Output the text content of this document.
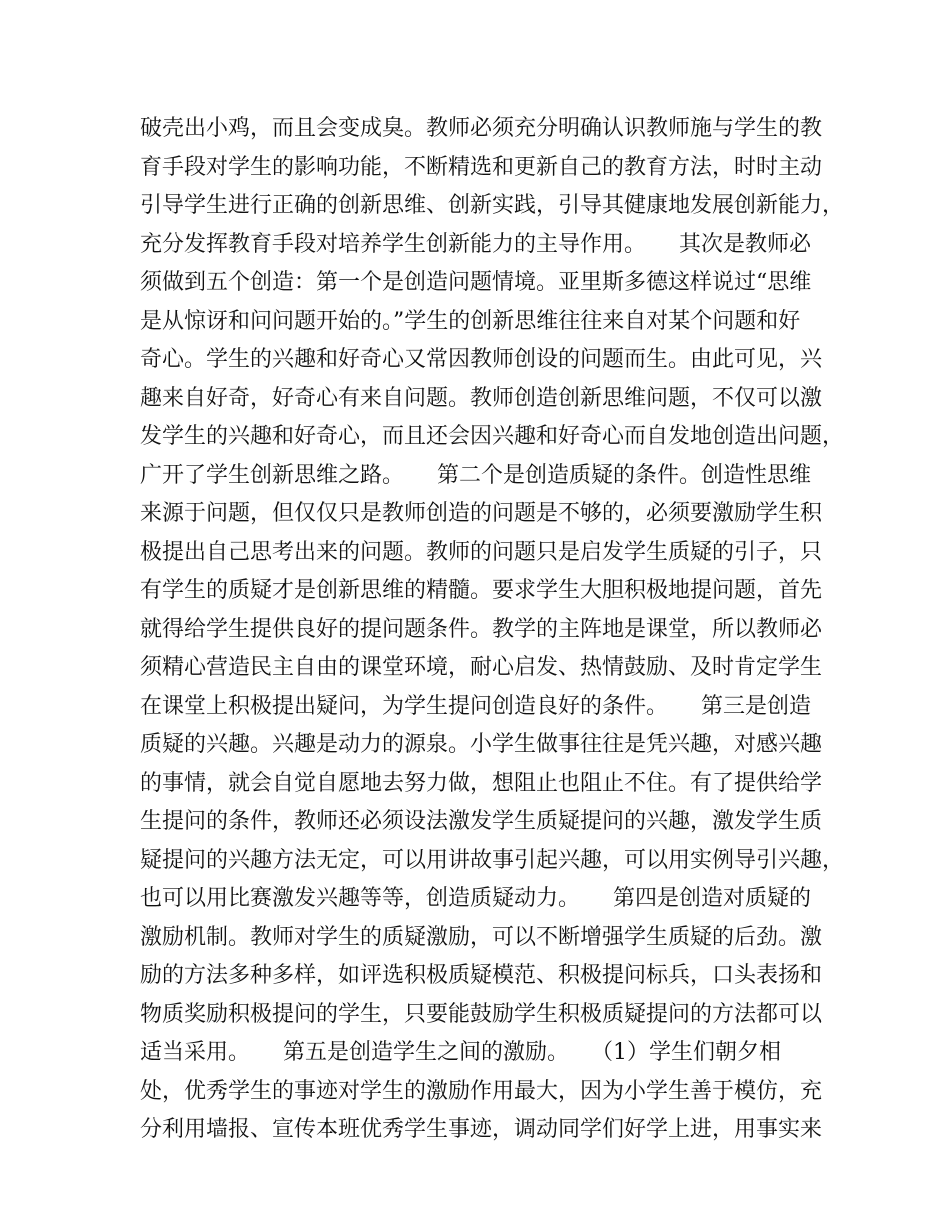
破壳出小鸡，而且会变成臭。教师必须充分明确认识教师施与学生的教
育手段对学生的影响功能，不断精选和更新自己的教育方法，时时主动
引导学生进行正确的创新思维、创新实践，引导其健康地发展创新能力，
充分发挥教育手段对培养学生创新能力的主导作用。　　其次是教师必
须做到五个创造：第一个是创造问题情境。亚里斯多德这样说过“思维
是从惊讶和问问题开始的。”学生的创新思维往往来自对某个问题和好
奇心。学生的兴趣和好奇心又常因教师创设的问题而生。由此可见，兴
趣来自好奇，好奇心有来自问题。教师创造创新思维问题，不仅可以激
发学生的兴趣和好奇心，而且还会因兴趣和好奇心而自发地创造出问题，
广开了学生创新思维之路。　　第二个是创造质疑的条件。创造性思维
来源于问题，但仅仅只是教师创造的问题是不够的，必须要激励学生积
极提出自己思考出来的问题。教师的问题只是启发学生质疑的引子，只
有学生的质疑才是创新思维的精髓。要求学生大胆积极地提问题，首先
就得给学生提供良好的提问题条件。教学的主阵地是课堂，所以教师必
须精心营造民主自由的课堂环境，耐心启发、热情鼓励、及时肯定学生
在课堂上积极提出疑问，为学生提问创造良好的条件。　　第三是创造
质疑的兴趣。兴趣是动力的源泉。小学生做事往往是凭兴趣，对感兴趣
的事情，就会自觉自愿地去努力做，想阻止也阻止不住。有了提供给学
生提问的条件，教师还必须设法激发学生质疑提问的兴趣，激发学生质
疑提问的兴趣方法无定，可以用讲故事引起兴趣，可以用实例导引兴趣，
也可以用比赛激发兴趣等等，创造质疑动力。　　第四是创造对质疑的
激励机制。教师对学生的质疑激励，可以不断增强学生质疑的后劲。激
励的方法多种多样，如评选积极质疑模范、积极提问标兵，口头表扬和
物质奖励积极提问的学生，只要能鼓励学生积极质疑提问的方法都可以
适当采用。　　第五是创造学生之间的激励。　　（1）学生们朝夕相
处，优秀学生的事迹对学生的激励作用最大，因为小学生善于模仿，充
分利用墙报、宣传本班优秀学生事迹，调动同学们好学上进，用事实来
